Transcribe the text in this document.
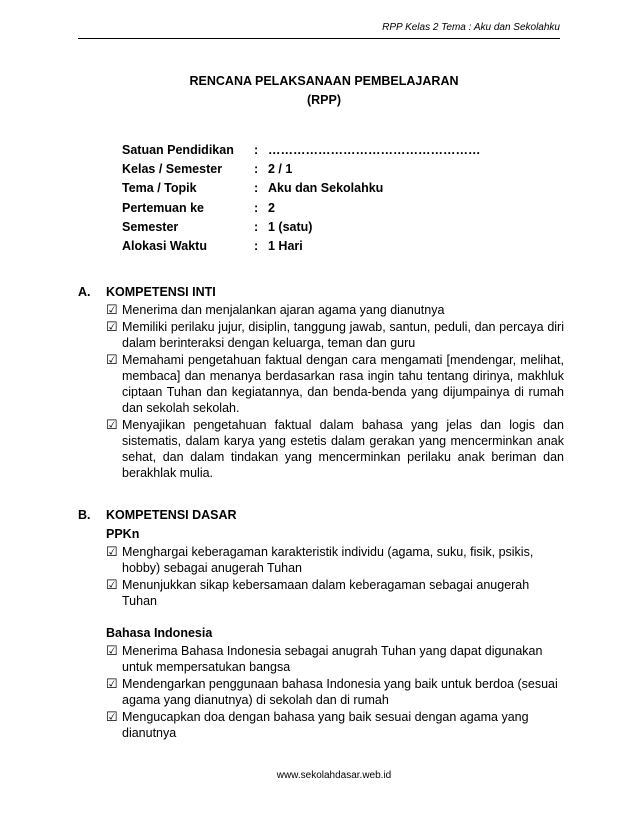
RPP Kelas 2 Tema : Aku dan Sekolahku
RENCANA PELAKSANAAN PEMBELAJARAN
(RPP)
Satuan Pendidikan	: ……………………………………………
Kelas / Semester	: 2 / 1
Tema / Topik	: Aku dan Sekolahku
Pertemuan ke	: 2
Semester	: 1 (satu)
Alokasi Waktu	: 1 Hari
A. KOMPETENSI INTI
☑ Menerima dan menjalankan ajaran agama yang dianutnya
☑ Memiliki perilaku jujur, disiplin, tanggung jawab, santun, peduli, dan percaya diri dalam berinteraksi dengan keluarga, teman dan guru
☑ Memahami pengetahuan faktual dengan cara mengamati [mendengar, melihat, membaca] dan menanya berdasarkan rasa ingin tahu tentang dirinya, makhluk ciptaan Tuhan dan kegiatannya, dan benda-benda yang dijumpainya di rumah dan sekolah sekolah.
☑ Menyajikan pengetahuan faktual dalam bahasa yang jelas dan logis dan sistematis, dalam karya yang estetis dalam gerakan yang mencerminkan anak sehat, dan dalam tindakan yang mencerminkan perilaku anak beriman dan berakhlak mulia.
B. KOMPETENSI DASAR
PPKn
☑ Menghargai keberagaman karakteristik individu (agama, suku, fisik, psikis, hobby) sebagai anugerah Tuhan
☑ Menunjukkan sikap kebersamaan dalam keberagaman sebagai anugerah Tuhan
Bahasa Indonesia
☑ Menerima Bahasa Indonesia sebagai anugrah Tuhan yang dapat digunakan untuk mempersatukan bangsa
☑ Mendengarkan penggunaan bahasa Indonesia yang baik untuk berdoa (sesuai agama yang dianutnya) di sekolah dan di rumah
☑ Mengucapkan doa dengan bahasa yang baik sesuai dengan agama yang dianutnya
www.sekolahdasar.web.id
